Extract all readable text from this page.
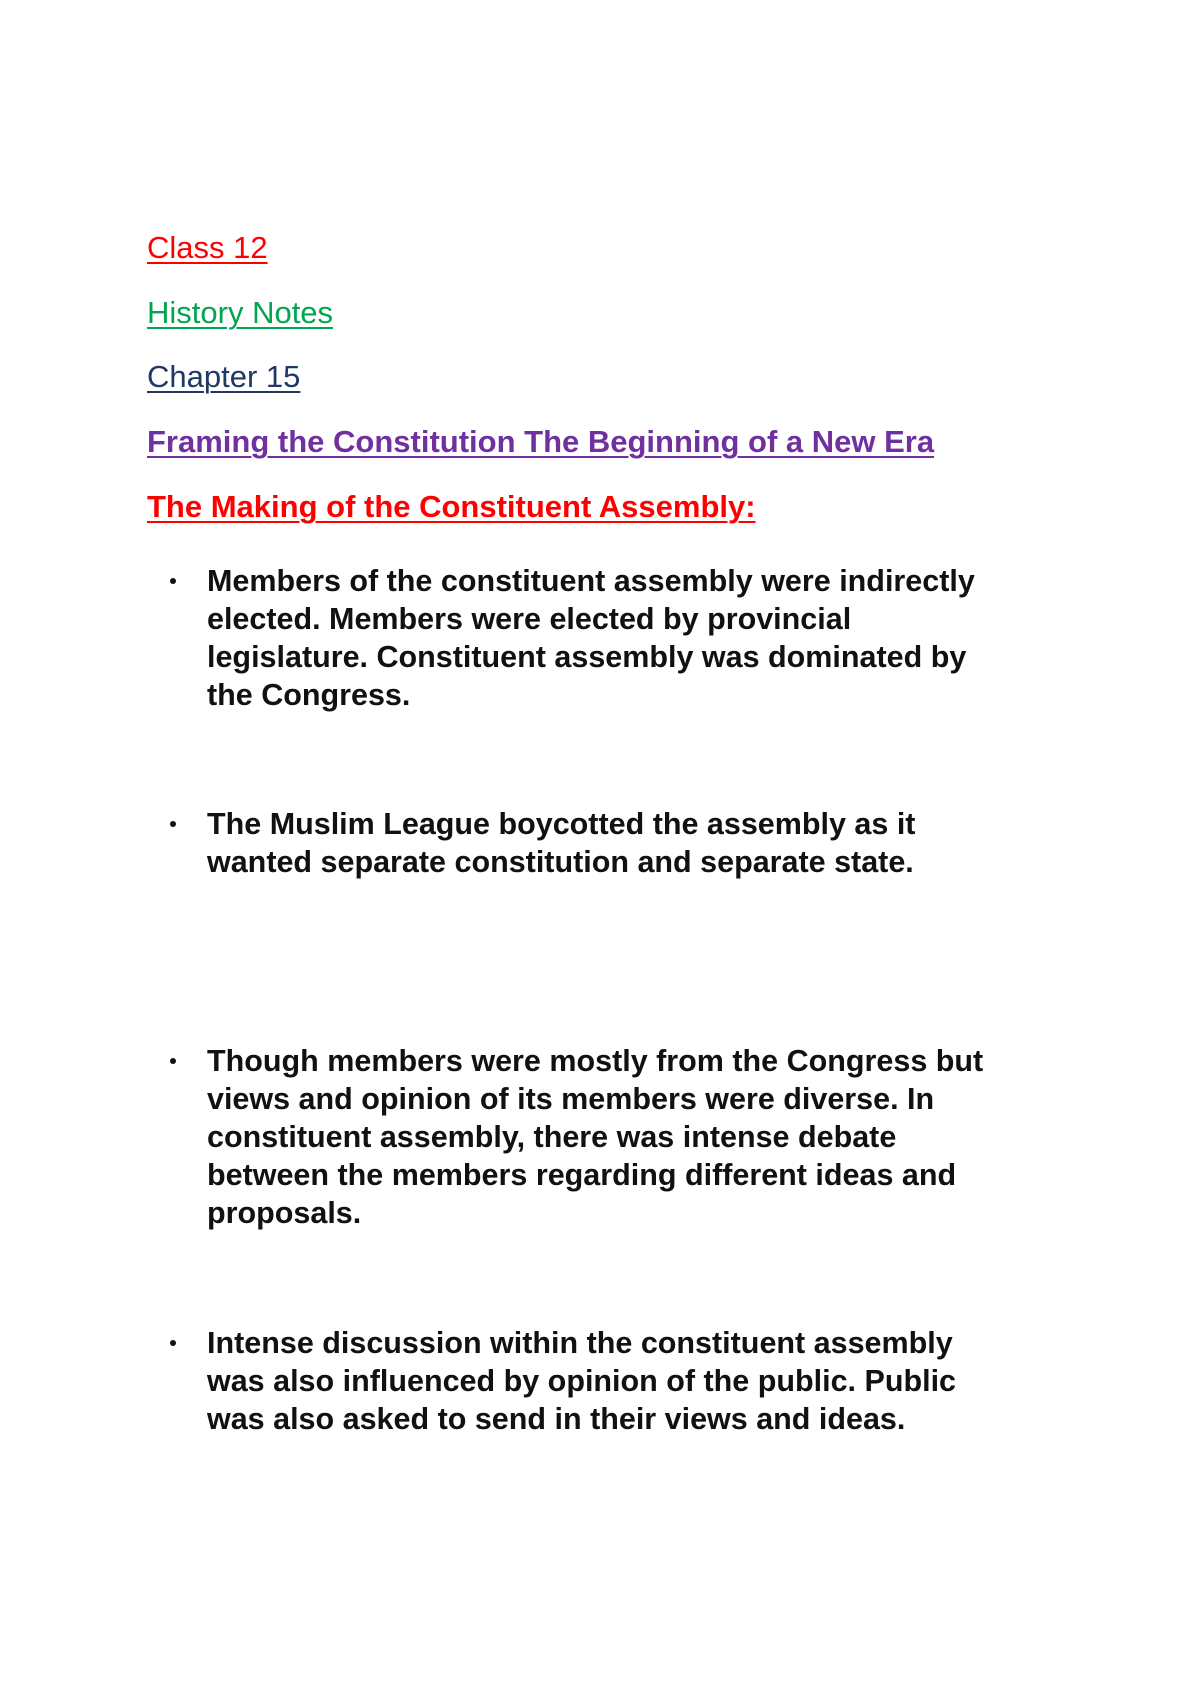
Class 12

History Notes

Chapter 15

Framing the Constitution The Beginning of a New Era

The Making of the Constituent Assembly:

Members of the constituent assembly were indirectly elected. Members were elected by provincial legislature. Constituent assembly was dominated by the Congress.

The Muslim League boycotted the assembly as it wanted separate constitution and separate state.

Though members were mostly from the Congress but views and opinion of its members were diverse. In constituent assembly, there was intense debate between the members regarding different ideas and proposals.

Intense discussion within the constituent assembly was also influenced by opinion of the public. Public was also asked to send in their views and ideas.
